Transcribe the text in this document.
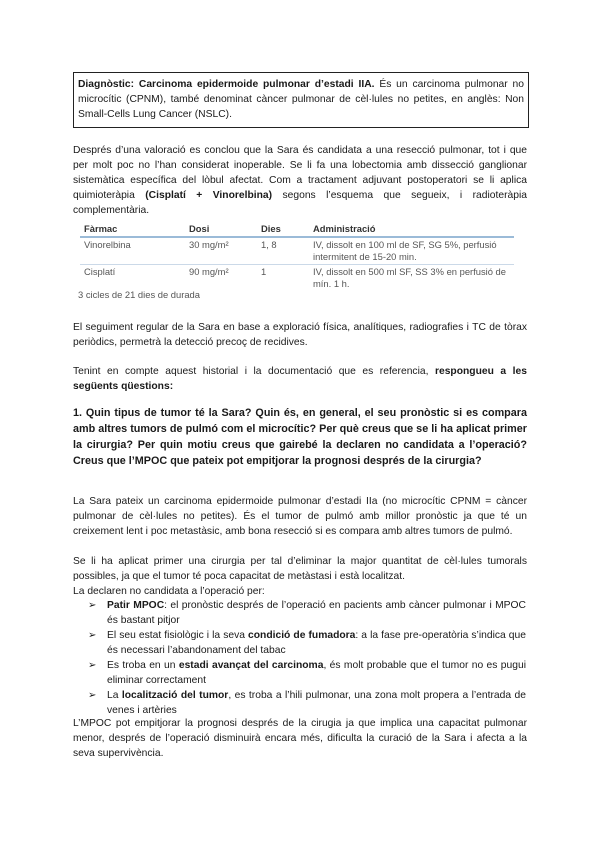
Diagnòstic: Carcinoma epidermoide pulmonar d’estadi IIA. És un carcinoma pulmonar no microcític (CPNM), també denominat càncer pulmonar de cèl·lules no petites, en anglès: Non Small-Cells Lung Cancer (NSLC).

Després d’una valoració es conclou que la Sara és candidata a una resecció pulmonar, tot i que per molt poc no l’han considerat inoperable. Se li fa una lobectomia amb dissecció ganglionar sistemàtica específica del lòbul afectat. Com a tractament adjuvant postoperatori se li aplica quimioteràpia (Cisplatí + Vinorelbina) segons l’esquema que segueix, i radioteràpia complementària.

Fàrmac	Dosi	Dies	Administració
Vinorelbina	30 mg/m²	1, 8	IV, dissolt en 100 ml de SF, SG 5%, perfusió intermitent de 15-20 min.
Cisplatí	90 mg/m²	1	IV, dissolt en 500 ml SF, SS 3% en perfusió de mín. 1 h.
3 cicles de 21 dies de durada

El seguiment regular de la Sara en base a exploració física, analítiques, radiografies i TC de tòrax periòdics, permetrà la detecció precoç de recidives.

Tenint en compte aquest historial i la documentació que es referencia, respongueu a les següents qüestions:

1. Quin tipus de tumor té la Sara? Quin és, en general, el seu pronòstic si es compara amb altres tumors de pulmó com el microcític? Per què creus que se li ha aplicat primer la cirurgia? Per quin motiu creus que gairebé la declaren no candidata a l’operació? Creus que l’MPOC que pateix pot empitjorar la prognosi després de la cirurgia?

La Sara pateix un carcinoma epidermoide pulmonar d’estadi IIa (no microcític CPNM = càncer pulmonar de cèl·lules no petites). És el tumor de pulmó amb millor pronòstic ja que té un creixement lent i poc metastàsic, amb bona resecció si es compara amb altres tumors de pulmó.

Se li ha aplicat primer una cirurgia per tal d’eliminar la major quantitat de cèl·lules tumorals possibles, ja que el tumor té poca capacitat de metàstasi i està localitzat.

La declaren no candidata a l’operació per:

➢ Patir MPOC: el pronòstic després de l’operació en pacients amb càncer pulmonar i MPOC és bastant pitjor
➢ El seu estat fisiològic i la seva condició de fumadora: a la fase pre-operatòria s’indica que és necessari l’abandonament del tabac
➢ Es troba en un estadi avançat del carcinoma, és molt probable que el tumor no es pugui eliminar correctament
➢ La localització del tumor, es troba a l’hili pulmonar, una zona molt propera a l’entrada de venes i artèries

L’MPOC pot empitjorar la prognosi després de la cirugia ja que implica una capacitat pulmonar menor, després de l’operació disminuirà encara més, dificulta la curació de la Sara i afecta a la seva supervivència.
